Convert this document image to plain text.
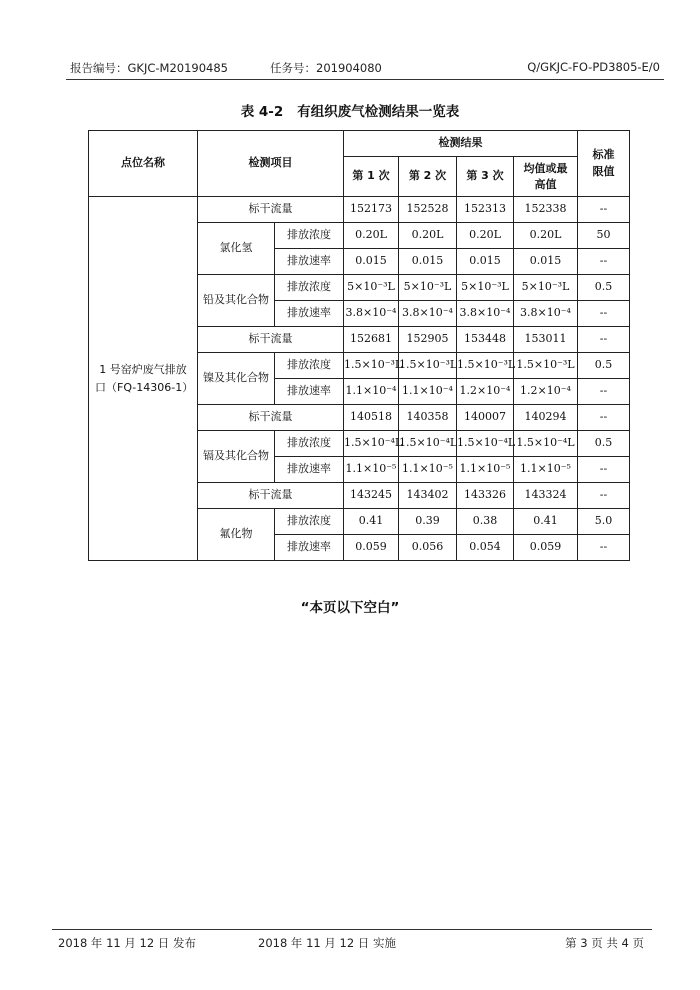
报告编号：GKJC-M20190485	任务号：201904080	Q/GKJC-FO-PD3805-E/0
表 4-2 有组织废气检测结果一览表
点位名称	检测项目		检测结果				标准限值

			第 1 次	第 2 次	第 3 次	均值或最高值	

1 号窑炉废气排放口（FQ-14306-1）	标干流量		152173	152528	152313	152338	--
	氯化氢	排放浓度	0.20L	0.20L	0.20L	0.20L	50
		排放速率	0.015	0.015	0.015	0.015	--
	铅及其化合物	排放浓度	5×10⁻³L	5×10⁻³L	5×10⁻³L	5×10⁻³L	0.5
		排放速率	3.8×10⁻⁴	3.8×10⁻⁴	3.8×10⁻⁴	3.8×10⁻⁴	--
	标干流量		152681	152905	153448	153011	--
	镍及其化合物	排放浓度	1.5×10⁻³L	1.5×10⁻³L	1.5×10⁻³L	1.5×10⁻³L	0.5
		排放速率	1.1×10⁻⁴	1.1×10⁻⁴	1.2×10⁻⁴	1.2×10⁻⁴	--
	标干流量		140518	140358	140007	140294	--
	镉及其化合物	排放浓度	1.5×10⁻⁴L	1.5×10⁻⁴L	1.5×10⁻⁴L	1.5×10⁻⁴L	0.5
		排放速率	1.1×10⁻⁵	1.1×10⁻⁵	1.1×10⁻⁵	1.1×10⁻⁵	--
	标干流量		143245	143402	143326	143324	--
	氟化物	排放浓度	0.41	0.39	0.38	0.41	5.0
		排放速率	0.059	0.056	0.054	0.059	--
“本页以下空白”
2018 年 11 月 12 日 发布	2018 年 11 月 12 日 实施	第 3 页 共 4 页
